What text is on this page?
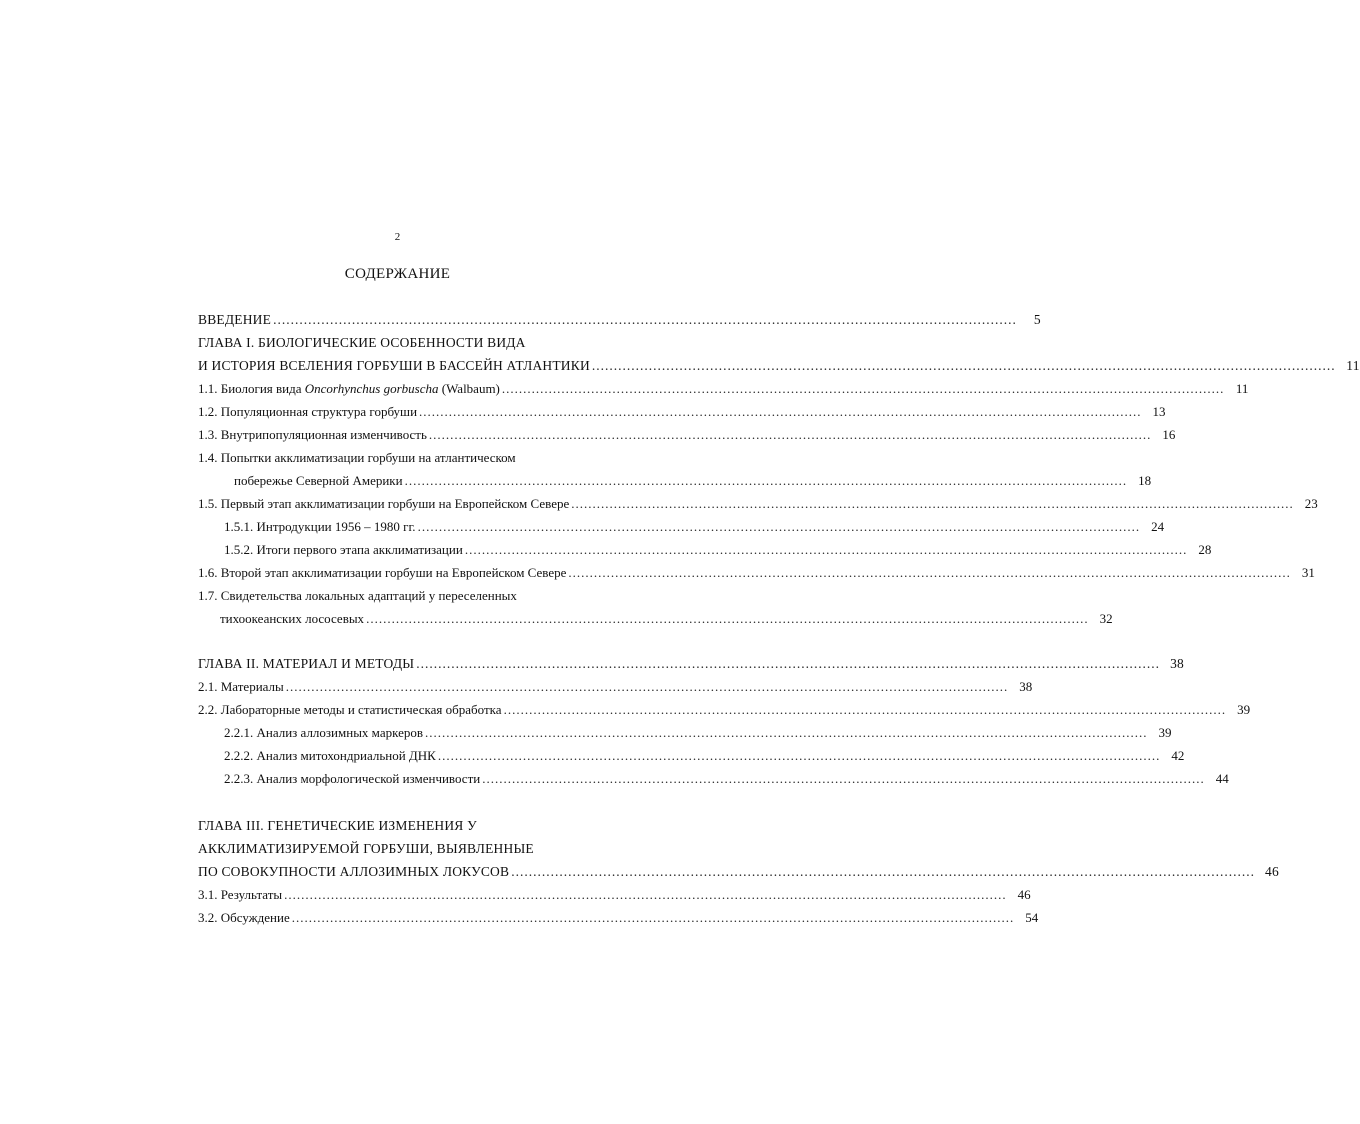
2
СОДЕРЖАНИЕ
ВВЕДЕНИЕ ..........................................................................................................................................................................	5
ГЛАВА I. БИОЛОГИЧЕСКИЕ ОСОБЕННОСТИ ВИДА
И ИСТОРИЯ ВСЕЛЕНИЯ ГОРБУШИ В БАССЕЙН АТЛАНТИКИ .......................................................................................................................................................................... 11
1.1. Биология вида Oncorhynchus gorbuscha (Walbaum) .......................................................................................................................................................................... 11
1.2. Популяционная структура горбуши .......................................................................................................................................................................... 13
1.3. Внутрипопуляционная изменчивость .......................................................................................................................................................................... 16
1.4. Попытки акклиматизации горбуши на атлантическом
побережье Северной Америки .......................................................................................................................................................................... 18
1.5. Первый этап акклиматизации горбуши на Европейском Севере .......................................................................................................................................................................... 23
1.5.1. Интродукции 1956 – 1980 гг. .......................................................................................................................................................................... 24
1.5.2. Итоги первого этапа акклиматизации .......................................................................................................................................................................... 28
1.6. Второй этап акклиматизации горбуши на Европейском Севере .......................................................................................................................................................................... 31
1.7. Свидетельства локальных адаптаций у переселенных
тихоокеанских лососевых .......................................................................................................................................................................... 32
ГЛАВА II. МАТЕРИАЛ И МЕТОДЫ .......................................................................................................................................................................... 38
2.1. Материалы .......................................................................................................................................................................... 38
2.2. Лабораторные методы и статистическая обработка .......................................................................................................................................................................... 39
2.2.1. Анализ аллозимных маркеров .......................................................................................................................................................................... 39
2.2.2. Анализ митохондриальной ДНК .......................................................................................................................................................................... 42
2.2.3. Анализ морфологической изменчивости .......................................................................................................................................................................... 44
ГЛАВА III. ГЕНЕТИЧЕСКИЕ ИЗМЕНЕНИЯ У
АККЛИМАТИЗИРУЕМОЙ ГОРБУШИ, ВЫЯВЛЕННЫЕ
ПО СОВОКУПНОСТИ АЛЛОЗИМНЫХ ЛОКУСОВ .......................................................................................................................................................................... 46
3.1. Результаты .......................................................................................................................................................................... 46
3.2. Обсуждение .......................................................................................................................................................................... 54
